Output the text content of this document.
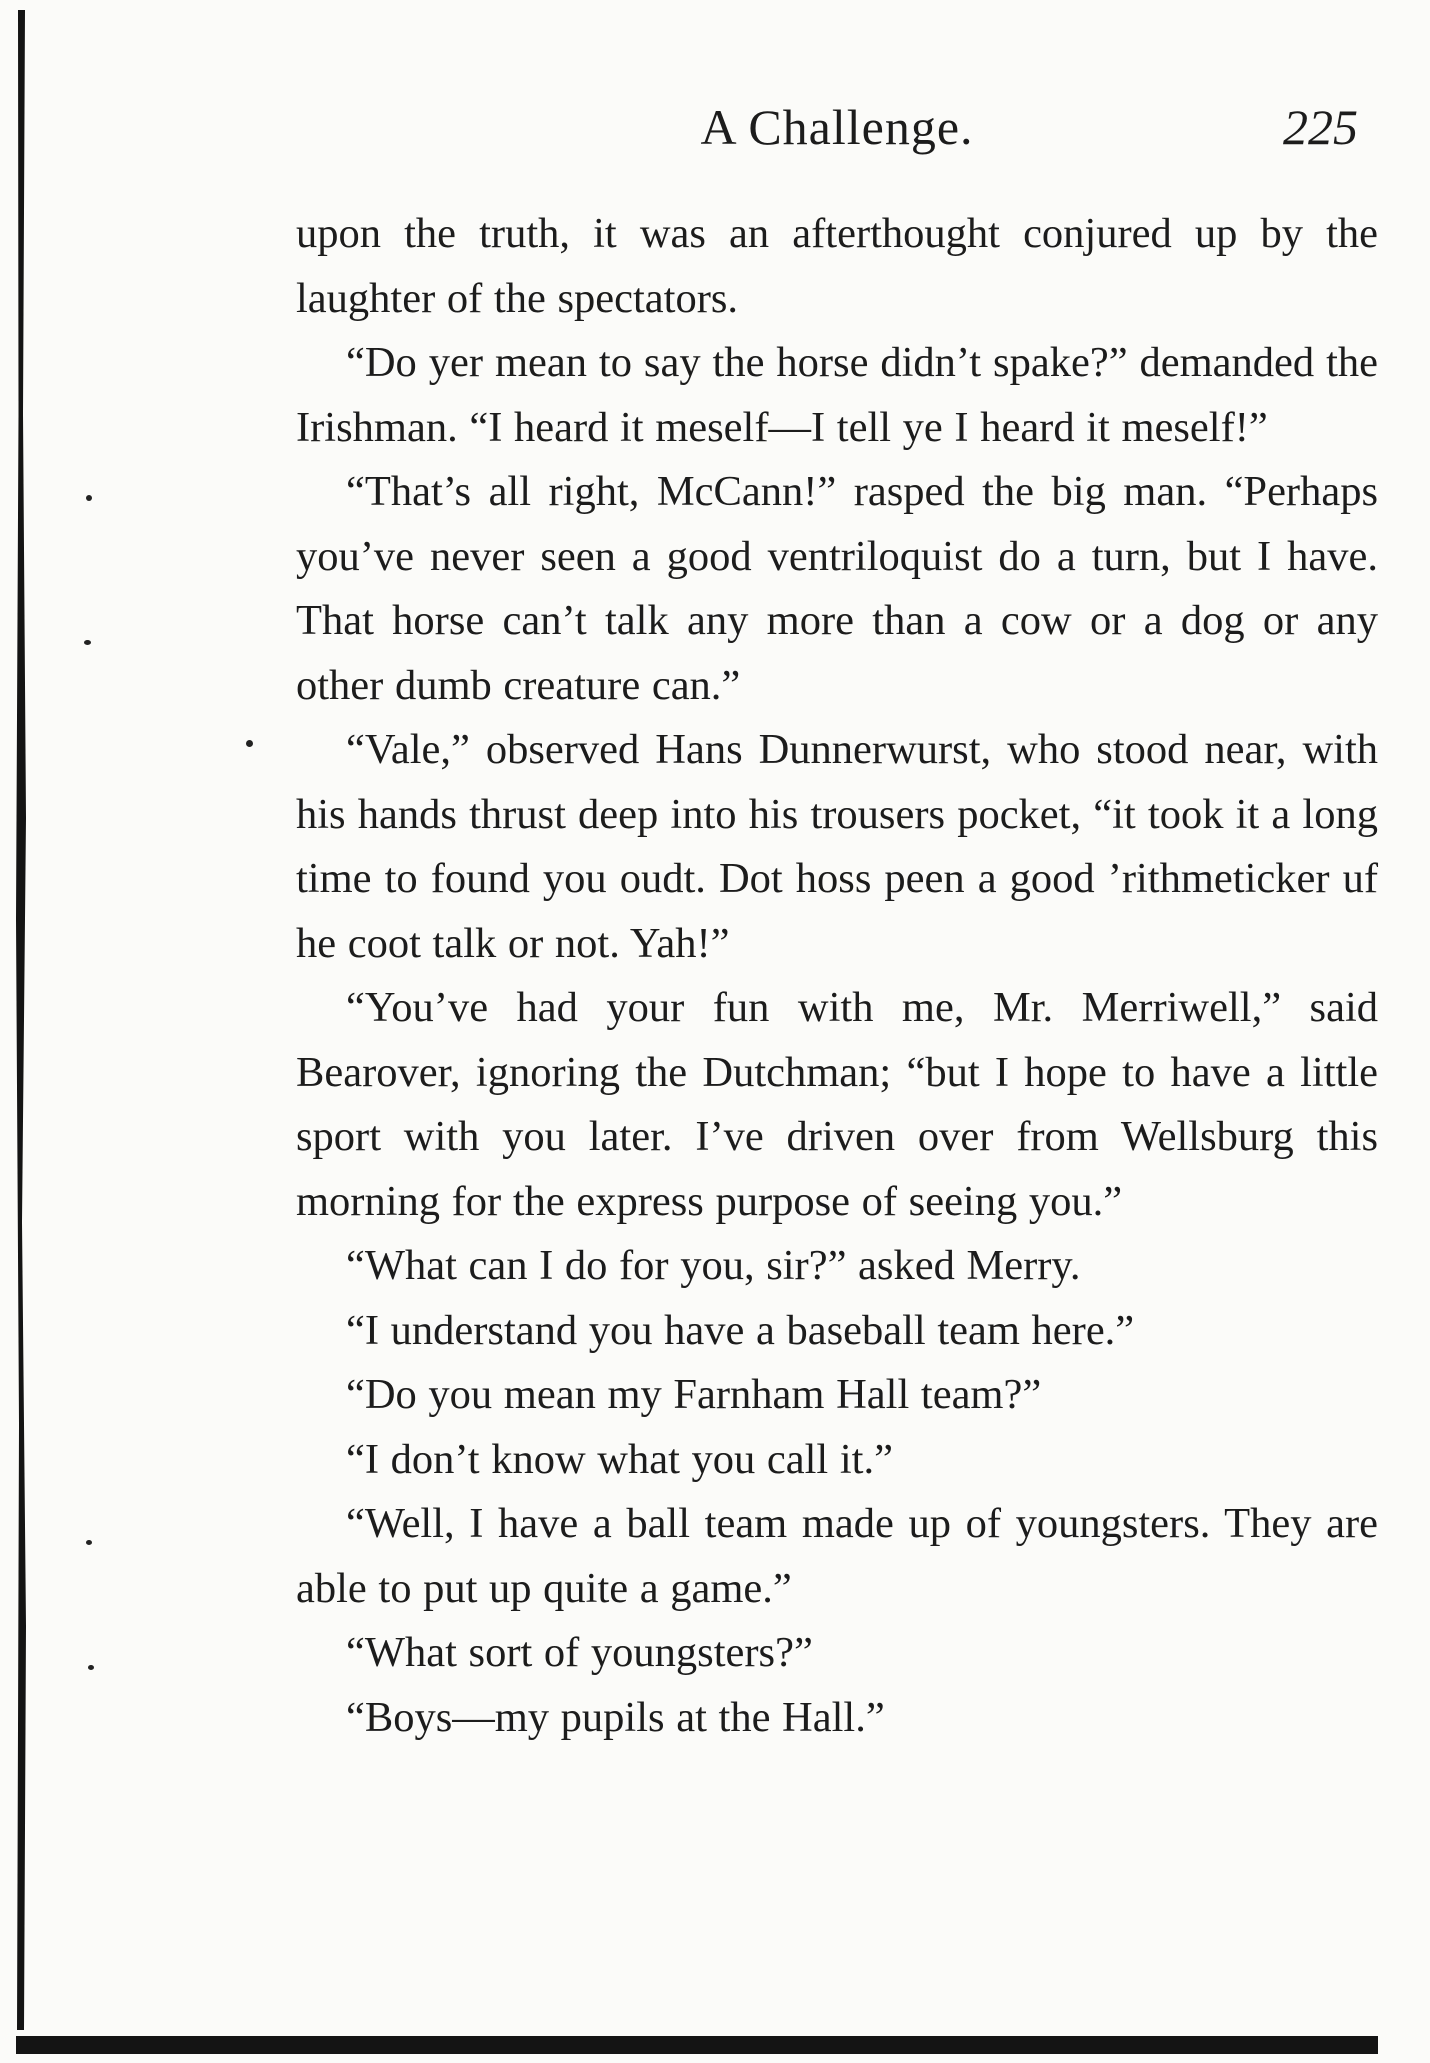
A Challenge.	225

upon the truth, it was an afterthought conjured up by the laughter of the spectators.

“Do yer mean to say the horse didn’t spake?” demanded the Irishman. “I heard it meself—I tell ye I heard it meself!”

“That’s all right, McCann!” rasped the big man. “Perhaps you’ve never seen a good ventriloquist do a turn, but I have. That horse can’t talk any more than a cow or a dog or any other dumb creature can.”

“Vale,” observed Hans Dunnerwurst, who stood near, with his hands thrust deep into his trousers pocket, “it took it a long time to found you oudt. Dot hoss peen a good ’rithmeticker uf he coot talk or not. Yah!”

“You’ve had your fun with me, Mr. Merriwell,” said Bearover, ignoring the Dutchman; “but I hope to have a little sport with you later. I’ve driven over from Wellsburg this morning for the express purpose of seeing you.”

“What can I do for you, sir?” asked Merry.

“I understand you have a baseball team here.”

“Do you mean my Farnham Hall team?”

“I don’t know what you call it.”

“Well, I have a ball team made up of youngsters. They are able to put up quite a game.”

“What sort of youngsters?”

“Boys—my pupils at the Hall.”
